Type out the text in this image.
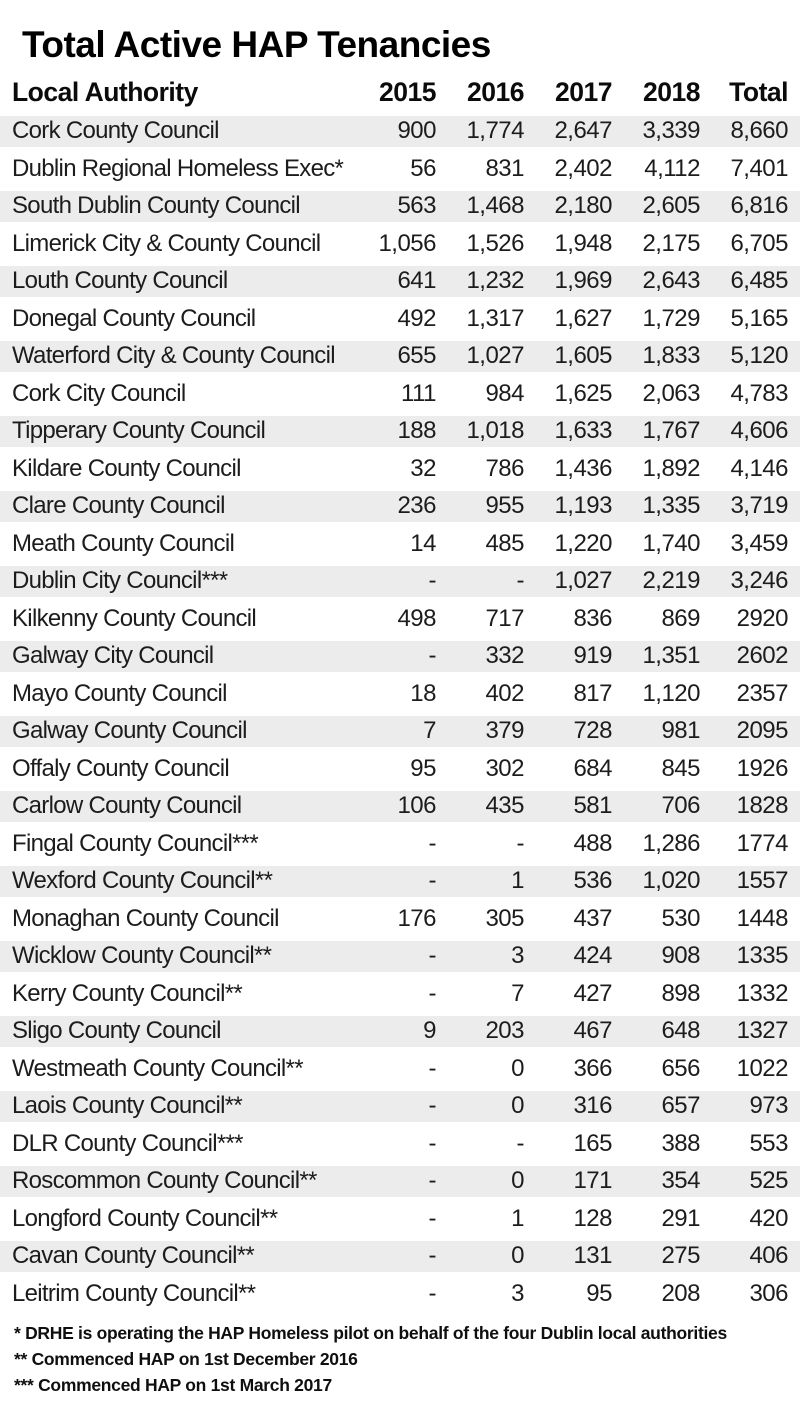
Total Active HAP Tenancies
Local Authority	2015	2016	2017	2018	Total
Cork County Council	900	1,774	2,647	3,339	8,660
Dublin Regional Homeless Exec*	56	831	2,402	4,112	7,401
South Dublin County Council	563	1,468	2,180	2,605	6,816
Limerick City & County Council	1,056	1,526	1,948	2,175	6,705
Louth County Council	641	1,232	1,969	2,643	6,485
Donegal County Council	492	1,317	1,627	1,729	5,165
Waterford City & County Council	655	1,027	1,605	1,833	5,120
Cork City Council	111	984	1,625	2,063	4,783
Tipperary County Council	188	1,018	1,633	1,767	4,606
Kildare County Council	32	786	1,436	1,892	4,146
Clare County Council	236	955	1,193	1,335	3,719
Meath County Council	14	485	1,220	1,740	3,459
Dublin City Council***	-	-	1,027	2,219	3,246
Kilkenny County Council	498	717	836	869	2920
Galway City Council	-	332	919	1,351	2602
Mayo County Council	18	402	817	1,120	2357
Galway County Council	7	379	728	981	2095
Offaly County Council	95	302	684	845	1926
Carlow County Council	106	435	581	706	1828
Fingal County Council***	-	-	488	1,286	1774
Wexford County Council**	-	1	536	1,020	1557
Monaghan County Council	176	305	437	530	1448
Wicklow County Council**	-	3	424	908	1335
Kerry County Council**	-	7	427	898	1332
Sligo County Council	9	203	467	648	1327
Westmeath County Council**	-	0	366	656	1022
Laois County Council**	-	0	316	657	973
DLR County Council***	-	-	165	388	553
Roscommon County Council**	-	0	171	354	525
Longford County Council**	-	1	128	291	420
Cavan County Council**	-	0	131	275	406
Leitrim County Council**	-	3	95	208	306
* DRHE is operating the HAP Homeless pilot on behalf of the four Dublin local authorities
** Commenced HAP on 1st December 2016
*** Commenced HAP on 1st March 2017
